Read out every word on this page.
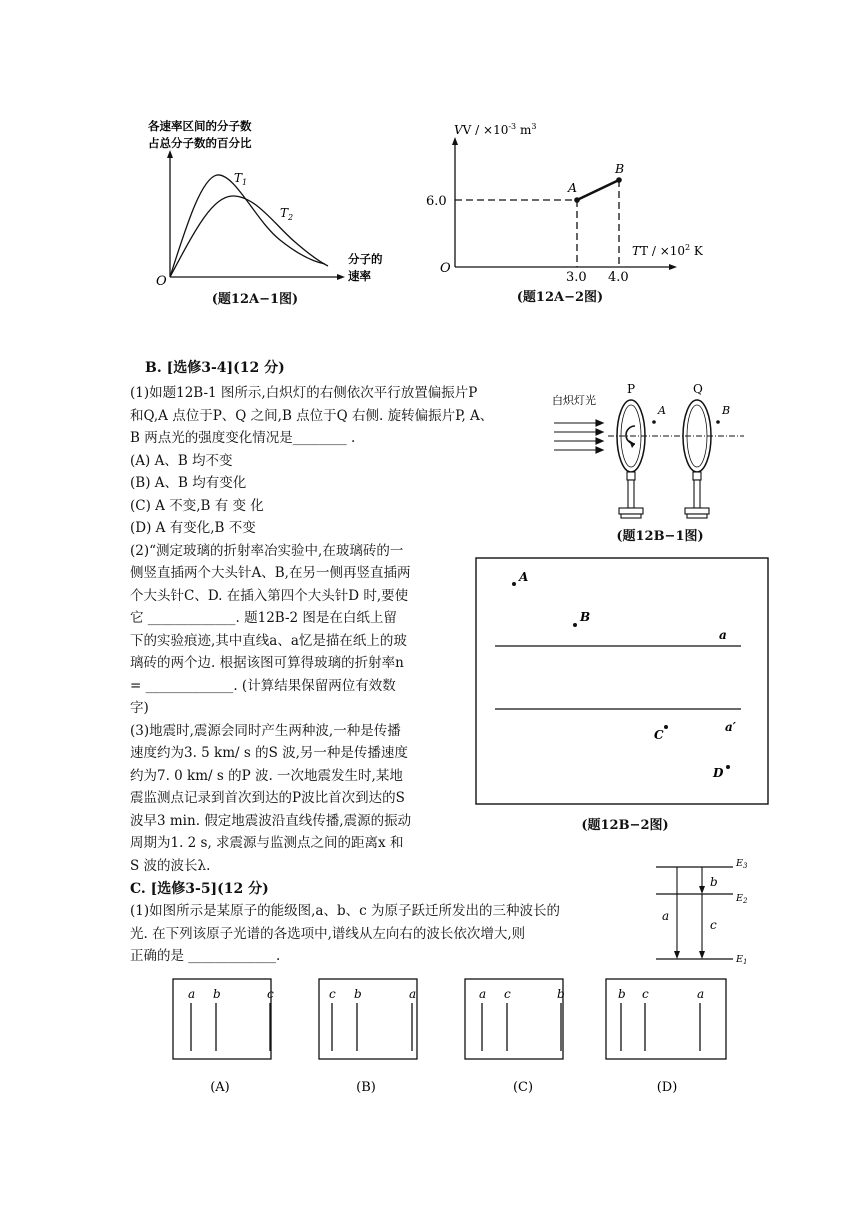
各速率区间的分子数
占总分子数的百分比
$T_1$
$T_2$
O
分子的
速率
(题12A−1图)
VV / $\times 10^{-3}$ $m^3$
A
B
6.0
3.0 4.0
O
TT / $\times 10^2$ K
(题12A−2图)
B. [选修3-4](12 分)
(1)如题12B-1 图所示,白炽灯的右侧依次平行放置偏振片P
和Q,A 点位于P、Q 之间,B 点位于Q 右侧. 旋转偏振片P, A、
B 两点光的强度变化情况是________ .
(A) A、B 均不变
(B) A、B 均有变化
(C) A 不变,B 有 变 化
(D) A 有变化,B 不变
(2)“测定玻璃的折射率冶实验中,在玻璃砖的一
侧竖直插两个大头针A、B,在另一侧再竖直插两
个大头针C、D. 在插入第四个大头针D 时,要使
它 _____________. 题12B-2 图是在白纸上留
下的实验痕迹,其中直线a、a忆是描在纸上的玻
璃砖的两个边. 根据该图可算得玻璃的折射率n
= _____________. (计算结果保留两位有效数
字)
(3)地震时,震源会同时产生两种波,一种是传播
速度约为3. 5 km/ s 的S 波,另一种是传播速度
约为7. 0 km/ s 的P 波. 一次地震发生时,某地
震监测点记录到首次到达的P波比首次到达的S
波早3 min. 假定地震波沿直线传播,震源的振动
周期为1. 2 s, 求震源与监测点之间的距离x 和
S 波的波长λ.
白炽灯光
P	Q
A	B
(题12B−1图)
A
B
a
a′
C
D
(题12B−2图)
C. [选修3-5](12 分)
(1)如图所示是某原子的能级图,a、b、c 为原子跃迁所发出的三种波长的
光. 在下列该原子光谱的各选项中,谱线从左向右的波长依次增大,则
正确的是 _____________.
$E_3$
$E_2$
$E_1$
a
b
c
a b	c
(A)
c b	a
(B)
a c	b
(C)
b c	a
(D)
